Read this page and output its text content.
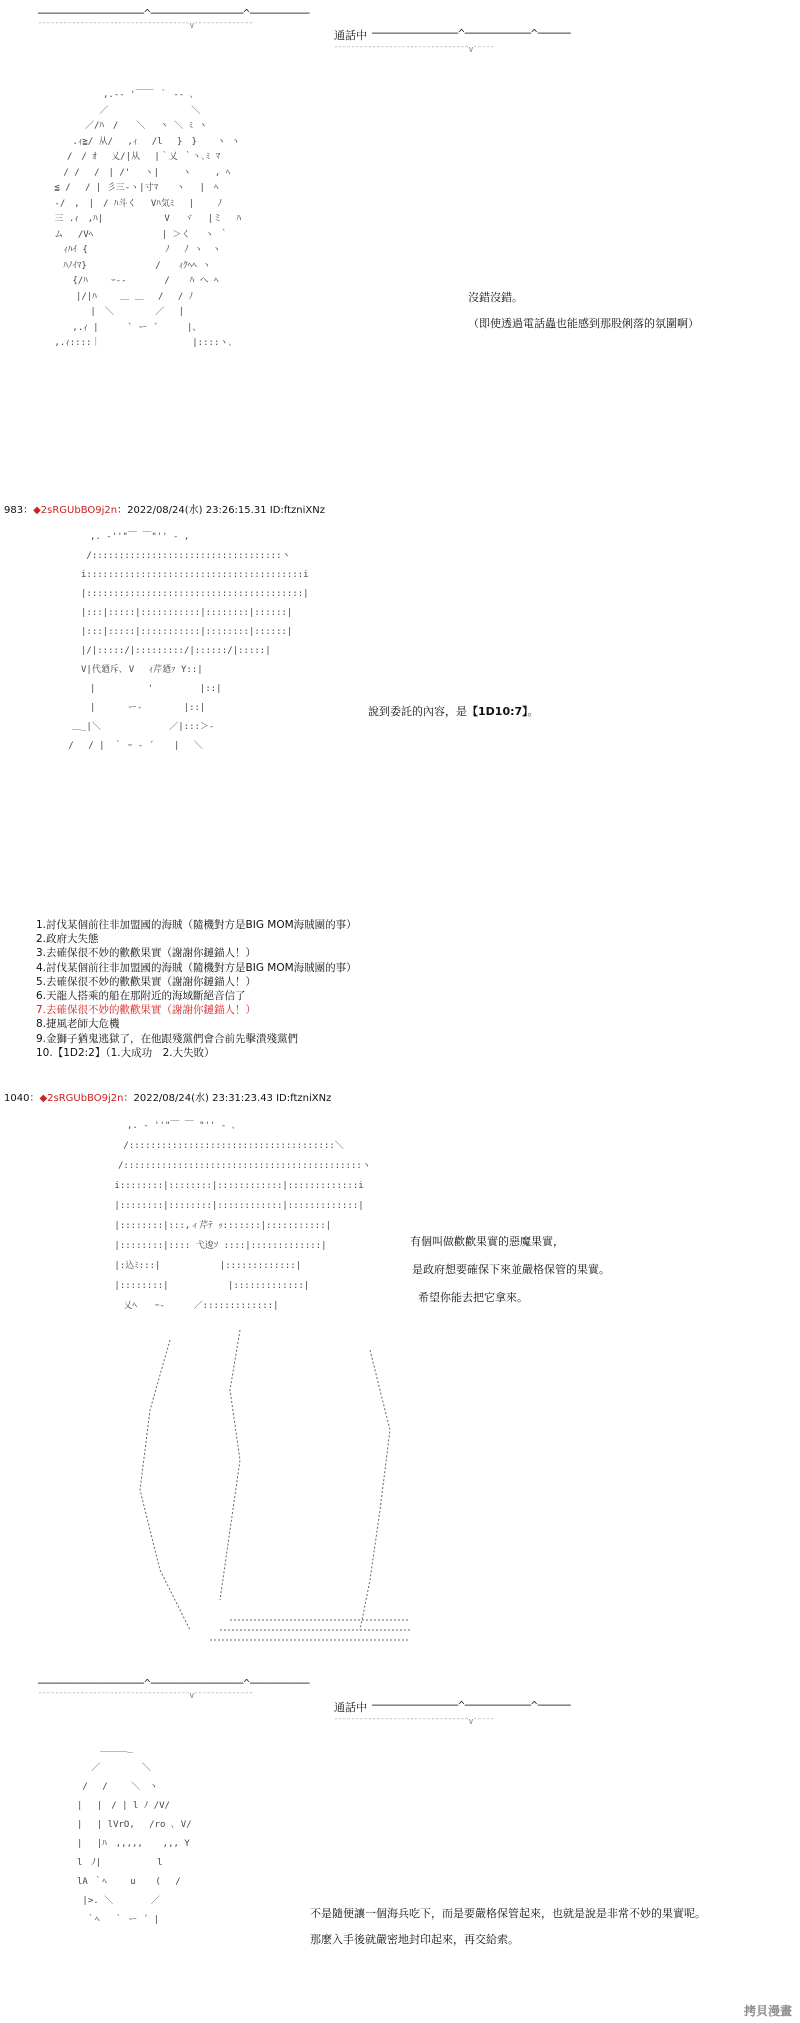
────────────────^──────────────^─────────
¨¨¨¨¨¨¨¨¨¨¨¨¨¨¨¨¨¨¨¨¨¨¨¨¨¨¨¨¨¨¨¨¨¨¨¨V¨¨¨¨¨¨¨¨¨¨¨¨¨¨
通話中 ─────────────^──────────^─────
¨¨¨¨¨¨¨¨¨¨¨¨¨¨¨¨¨¨¨¨¨¨¨¨¨¨¨¨¨¨¨¨V¨¨¨¨¨
　　　　　　　,.-‐ '￣￣ ｀ ‐- ､
　　　　　　 ／　 　　　　　　　 ＼　　　
　　　　　／/ﾊ　/　　＼　 ヽ ＼ ﾐ ヽ
　　　 .ｨ≧/ 从/　 ,ｨ 　/l　 }　} 　 ヽ ヽ
　　　/　/ ｵ　 乂/|从 　|｀乂 ｀ヽ､ﾐ ﾏ
　　 / /　 /　| /'　 ヽ|　　 ヽ　 　, ﾍ
　 ≦ /　 / | 彡三‐ヽ|寸ﾏ　　ヽ　 |　ﾍ
　 ‐/　,　|　/ ﾊ斗く　 Vﾊ気ﾐ　 |　 　ﾉ
　 三 .ｨ　,ﾊ| 　 　　　 　V　 ヾ　 |ミ　 ﾊ
　 ム 　/Vﾍ　　　　　　　 | ＞く　 ヽ ｀
　　 ｨﾊｲ {　　　　　　　　 ﾉ　 ﾉ ヽ　ヽ
　　 ﾊﾉｲﾏ}　　　　　 　　/　　ｨｸﾍﾍ ヽ
　　　 {/ﾊ　　 ｰ-‐ 　　　 / 　 ﾊ ヘ ﾍ
　　　　|/|ﾊ　　 ＿ ＿ 　/　 / ﾉ
　　　　　 |　＼　　　　 ／　 |
　　　 ,.ｨ |　 　 ` ー ´ 　　 |、
　 ,.ｨ::::｜　　　　　　　　 　 |::::ヽ､
沒錯沒錯。
（即使透過電話蟲也能感到那股俐落的氛圍啊）
983：◆2sRGUbBO9j2n：2022/08/24(水) 23:26:15.31 ID:ftzniXNz
　　　　,. ‐''"￣ ￣"'' ‐ ,
　　　 /:::::::::::::::::::::::::::::::::::ヽ
　　　i::::::::::::::::::::::::::::::::::::::::i
　　　|::::::::::::::::::::::::::::::::::::::::|
　　　|:::|:::::|:::::::::::|::::::::|::::::|
　　　|:::|:::::|:::::::::::|::::::::|::::::|
　　　|/|:::::/|:::::::::/|::::::/|:::::|
　　　V|代廼斥､ V　 ｨ芹廼ｧ Y::|
　　　　|　　 　 　 '　　 　　 |::|
　　　　|　　　 ー‐　　　　 |::|
　　＿_|＼　　　　　　　 ／|:::＞-
　 /　 / |　｀ ｰ ‐ ´ 　 |　 ＼
說到委託的內容，是【1D10:7】。
1.討伐某個前往非加盟國的海賊（隨機對方是BIG MOM海賊團的事）
2.政府大失態
3.去確保很不妙的歡歡果實（謝謝你鏈錨人！）
4.討伐某個前往非加盟國的海賊（隨機對方是BIG MOM海賊團的事）
5.去確保很不妙的歡歡果實（謝謝你鏈錨人！）
6.天龍人搭乘的船在那附近的海域斷絕音信了
7.去確保很不妙的歡歡果實（謝謝你鏈錨人！）
8.捷風老師大危機
9.金獅子猶鬼逃獄了，在他跟殘黨們會合前先擊潰殘黨們
10.【1D2:2】（1.大成功　2.大失敗）
1040：◆2sRGUbBO9j2n：2022/08/24(水) 23:31:23.43 ID:ftzniXNz
　　　,. ‐ ''"￣ ￣ "'' ‐ ､
　　 /::::::::::::::::::::::::::::::::::::::＼
　　/::::::::::::::::::::::::::::::::::::::::::::ヽ
　 i::::::::|::::::::|::::::::::::|:::::::::::::i
　 |::::::::|::::::::|::::::::::::|:::::::::::::|
　 |::::::::|:::,ィ芹ﾃ ｯ:::::::|:::::::::::|
　 |::::::::|:::: 弋逡ｿ ::::|:::::::::::::|
　 |:込ﾐ:::|　　　　　　 |:::::::::::::|
　 |::::::::|　　　　　　 |:::::::::::::|
　　 乂ﾍ　　ｰ‐ 　　 ／:::::::::::::|
有個叫做歡歡果實的惡魔果實，
是政府想要確保下來並嚴格保管的果實。
希望你能去把它拿來。
────────────────^──────────────^─────────
¨¨¨¨¨¨¨¨¨¨¨¨¨¨¨¨¨¨¨¨¨¨¨¨¨¨¨¨¨¨¨¨¨¨¨¨V¨¨¨¨¨¨¨¨¨¨¨¨¨¨
通話中 ─────────────^──────────^─────
¨¨¨¨¨¨¨¨¨¨¨¨¨¨¨¨¨¨¨¨¨¨¨¨¨¨¨¨¨¨¨¨V¨¨¨¨¨
　　　　　 ＿＿＿_
　　　　 ／　　　　 ＼
　　　 /　 /　　 ＼　ヽ
　　　|　 |　/ | l ﾉ /V/
　　　|　 | lVrO,　 /ro ､ V/
　　　|　 |ﾊ　,,,,, 　 ,,, Y
　　　l　ﾉ|　　　　 　 l
　　　lA ｀ﾍ　　 u 　 (　 /
　　 　|>. ＼　　 　 ／
　　　　｀ﾍ　 ｀ ー ´ |	不是隨便讓一個海兵吃下，而是要嚴格保管起來，也就是說是非常不妙的果實呢。
那麼入手後就嚴密地封印起來，再交給索。
拷貝漫畫
